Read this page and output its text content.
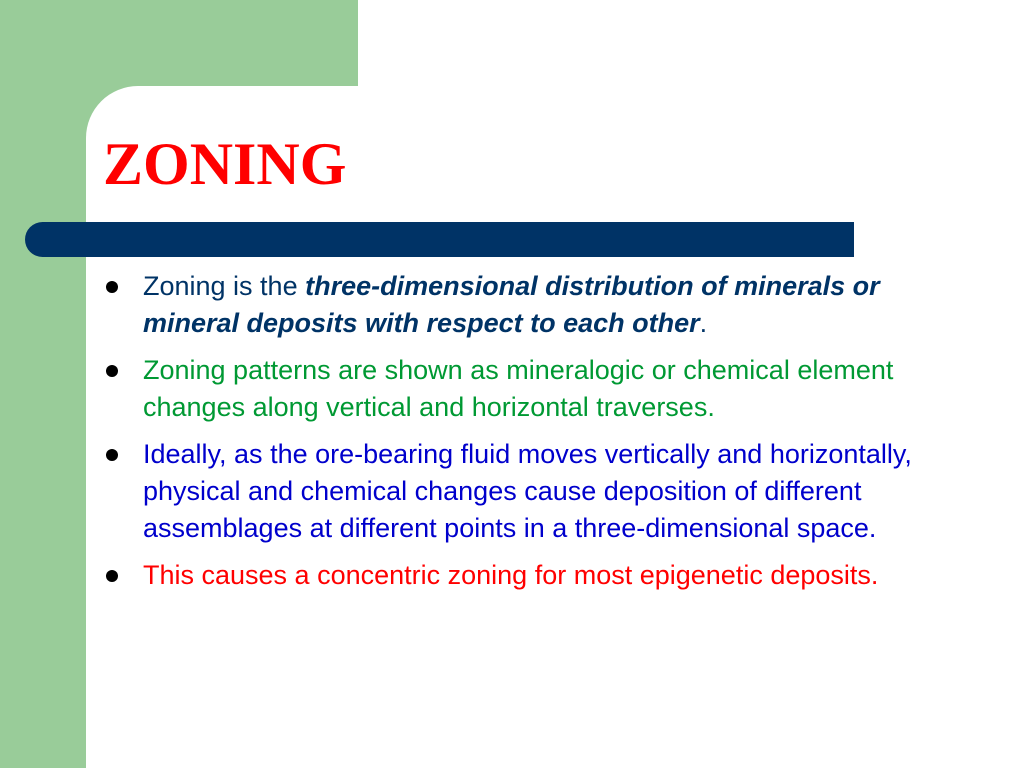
ZONING
Zoning is the three-dimensional distribution of minerals or mineral deposits with respect to each other.
Zoning patterns are shown as mineralogic or chemical element changes along vertical and horizontal traverses.
Ideally, as the ore-bearing fluid moves vertically and horizontally, physical and chemical changes cause deposition of different assemblages at different points in a three-dimensional space.
This causes a concentric zoning for most epigenetic deposits.
